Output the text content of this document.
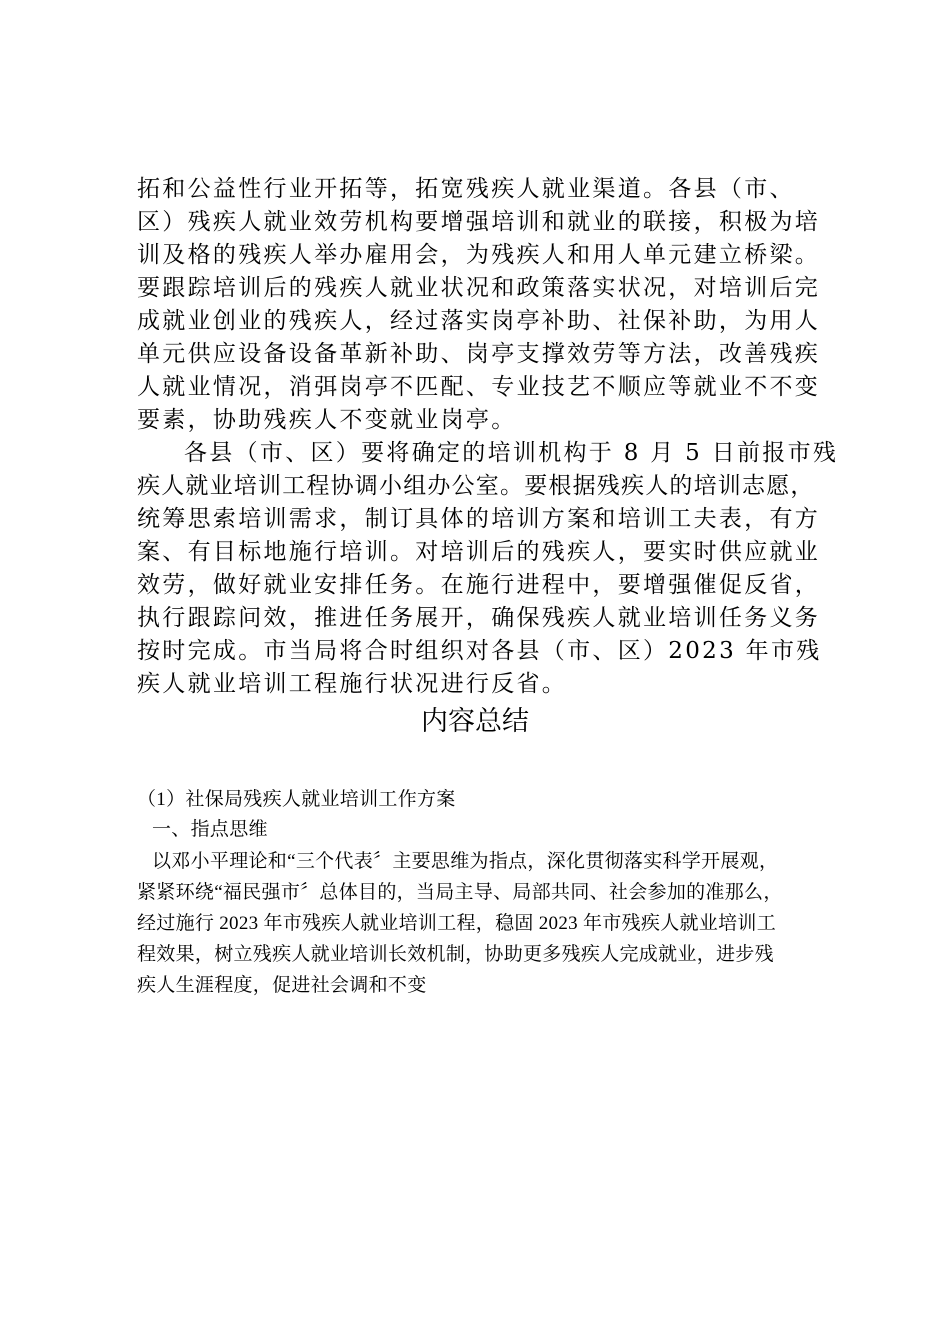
拓和公益性行业开拓等，拓宽残疾人就业渠道。各县（市、
区）残疾人就业效劳机构要增强培训和就业的联接，积极为培
训及格的残疾人举办雇用会，为残疾人和用人单元建立桥梁。
要跟踪培训后的残疾人就业状况和政策落实状况，对培训后完
成就业创业的残疾人，经过落实岗亭补助、社保补助，为用人
单元供应设备设备革新补助、岗亭支撑效劳等方法，改善残疾
人就业情况，消弭岗亭不匹配、专业技艺不顺应等就业不不变
要素，协助残疾人不变就业岗亭。
各县（市、区）要将确定的培训机构于 8 月 5 日前报市残
疾人就业培训工程协调小组办公室。要根据残疾人的培训志愿，
统筹思索培训需求，制订具体的培训方案和培训工夫表，有方
案、有目标地施行培训。对培训后的残疾人，要实时供应就业
效劳，做好就业安排任务。在施行进程中，要增强催促反省，
执行跟踪问效，推进任务展开，确保残疾人就业培训任务义务
按时完成。市当局将合时组织对各县（市、区）2023 年市残
疾人就业培训工程施行状况进行反省。
内容总结
（1）社保局残疾人就业培训工作方案
一、指点思维
以邓小平理论和“三个代表〞主要思维为指点，深化贯彻落实科学开展观，
紧紧环绕“福民强市〞总体目的，当局主导、局部共同、社会参加的准那么，
经过施行 2023 年市残疾人就业培训工程，稳固 2023 年市残疾人就业培训工
程效果，树立残疾人就业培训长效机制，协助更多残疾人完成就业，进步残
疾人生涯程度，促进社会调和不变
